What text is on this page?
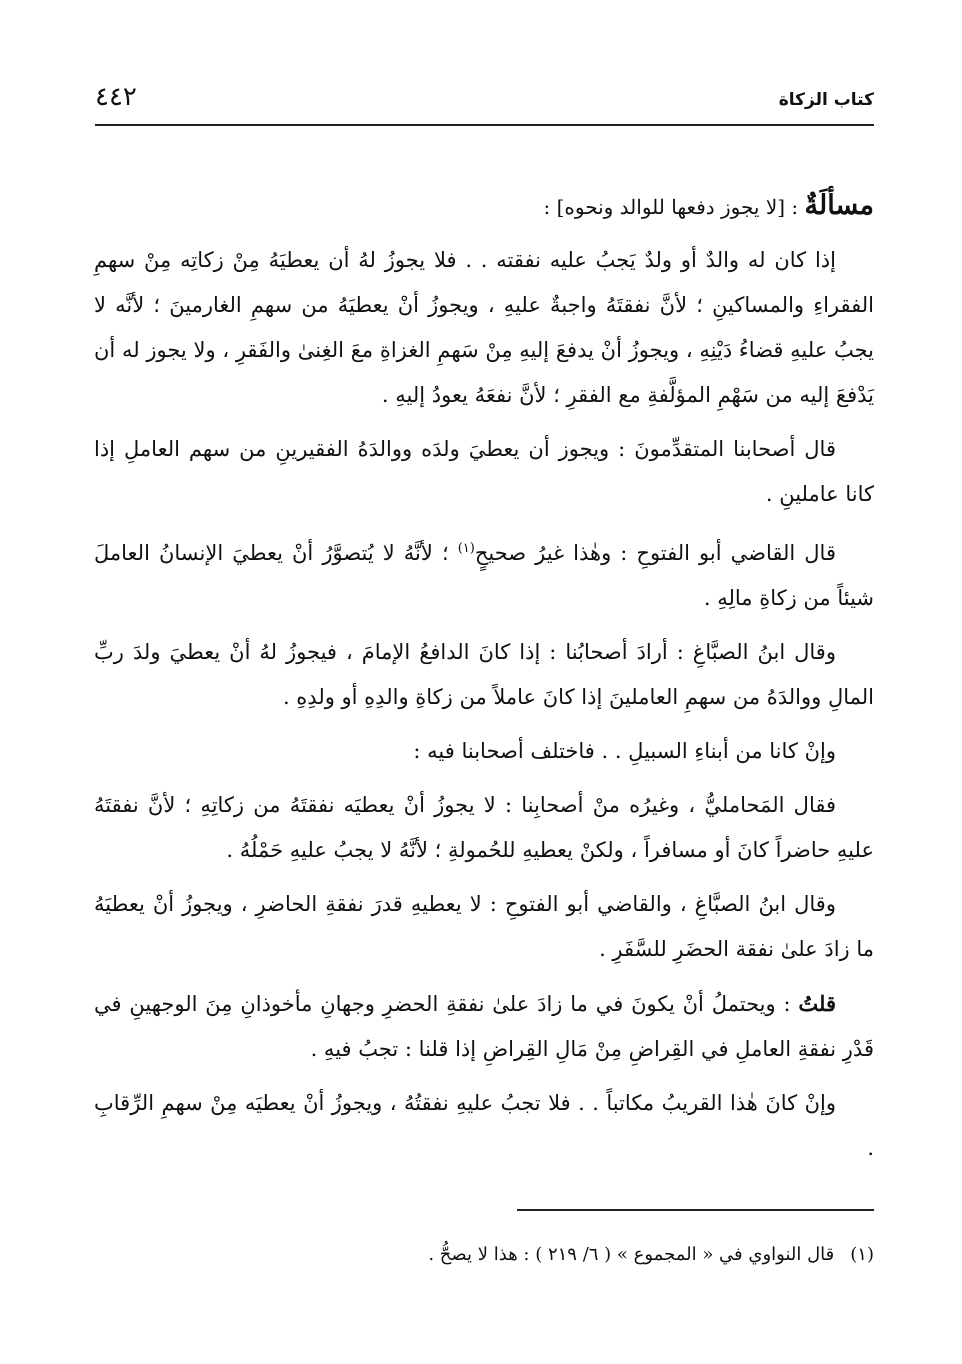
كتاب الزكاة
٤٤٢
مسألَةٌ : [لا يجوز دفعها للوالد ونحوه] :

إذا كان له والدٌ أو ولدٌ يَجبُ عليه نفقته . . فلا يجوزُ لهُ أن يعطيَهُ مِنْ زكاتِه مِنْ سهمِ الفقراءِ والمساكينِ ؛ لأنَّ نفقتَهُ واجبةٌ عليهِ ، ويجوزُ أنْ يعطيَهُ من سهمِ الغارمينَ ؛ لأنَّه لا يجبُ عليهِ قضاءُ دَيْنِهِ ، ويجوزُ أنْ يدفعَ إليهِ مِنْ سَهمِ الغزاةِ معَ الغِنىٰ والفَقرِ ، ولا يجوز له أن يَدْفعَ إليه من سَهْمِ المؤلَّفةِ مع الفقرِ ؛ لأنَّ نفعَهُ يعودُ إليهِ .

قال أصحابنا المتقدِّمونَ : ويجوز أن يعطيَ ولدَه ووالدَهُ الفقيرينِ من سهم العاملِ إذا كانا عاملينِ .

قال القاضي أبو الفتوحِ : وهٰذا غيرُ صحيحٍ$^{(١)}$ ؛ لأنَّهُ لا يُتصوَّرُ أنْ يعطيَ الإنسانُ العاملَ شيئاً من زكاةِ مالِهِ .

وقال ابنُ الصبَّاغِ : أرادَ أصحابُنا : إذا كانَ الدافعُ الإمامَ ، فيجوزُ لهُ أنْ يعطيَ ولدَ ربِّ المالِ ووالدَهُ من سهمِ العاملينَ إذا كانَ عاملاً من زكاةِ والدِهِ أو ولدِهِ .

وإنْ كانا من أبناءِ السبيلِ . . فاختلف أصحابنا فيه :

فقال المَحامليُّ ، وغيرُه منْ أصحابِنا : لا يجوزُ أنْ يعطيَه نفقتَهُ من زكاتِهِ ؛ لأنَّ نفقتَهُ عليهِ حاضراً كانَ أو مسافراً ، ولكنْ يعطيهِ للحُمولةِ ؛ لأنَّهُ لا يجبُ عليهِ حَمْلُهُ .

وقال ابنُ الصبَّاغِ ، والقاضي أبو الفتوحِ : لا يعطيهِ قدرَ نفقةِ الحاضرِ ، ويجوزُ أنْ يعطيَهُ ما زادَ علىٰ نفقة الحضَرِ للسَّفَرِ .

قلتُ : ويحتملُ أنْ يكونَ في ما زادَ علىٰ نفقةِ الحضرِ وجهانِ مأخوذانِ مِنَ الوجهينِ في قَدْرِ نفقةِ العاملِ في القِراضِ مِنْ مَالِ القِراضِ إذا قلنا : تجبُ فيهِ .

وإنْ كانَ هٰذا القريبُ مكاتباً . . فلا تجبُ عليهِ نفقتُهُ ، ويجوزُ أنْ يعطيَه مِنْ سهمِ الرِّقابِ .

(١)قال النواوي في « المجموع » ( ٦/ ٢١٩ ) : هذا لا يصحُّ .
